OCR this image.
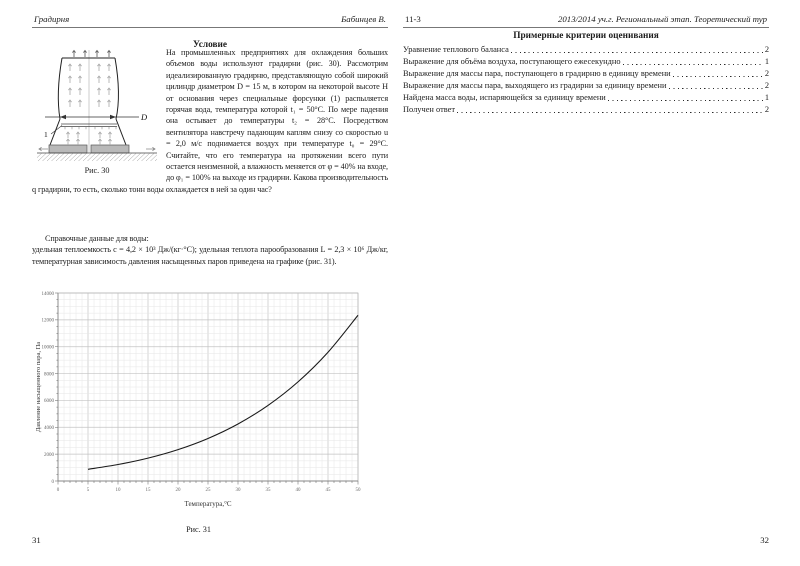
Градирня	Бабинцев В.
Условие
D
1
Рис. 30
На промышленных предприятиях для охлаждения больших объемов воды используют градирни (рис. 30). Рассмотрим идеализированную градирню, представляющую собой широкий цилиндр диаметром D = 15 м, в котором на некоторой высоте H от основания через специальные форсунки (1) распыляется горячая вода, температура которой t₁ = 50°C. По мере падения она остывает до температуры t₂ = 28°C. Посредством вентилятора навстречу падающим каплям снизу со скоростью u = 2,0 м/с поднимается воздух при температуре t₀ = 29°C. Считайте, что его температура на протяжении всего пути остается неизменной, а влажность меняется от φ = 40% на входе, до φ₁ = 100% на выходе из градирни. Какова производительность q градирни, то есть, сколько тонн воды охлаждается в ней за один час?
Справочные данные для воды:
удельная теплоемкость c = 4,2 × 10³ Дж/(кг·°C); удельная теплота парообразования L = 2,3 × 10⁶ Дж/кг, температурная зависимость давления насыщенных паров приведена на графике (рис. 31).
0	5	10	15	20	25	30	35	40	45	50
0
2000
4000
6000
8000
10000
12000
14000
Температура,°C
Давление насыщенного пара, Па
Рис. 31
31
11-3	2013/2014 уч.г. Региональный этап. Теоретический тур
Примерные критерии оценивания
Уравнение теплового баланса	2
Выражение для объёма воздуха, поступающего ежесекундно	1
Выражение для массы пара, поступающего в градирню в единицу времени	2
Выражение для массы пара, выходящего из градирни за единицу времени	2
Найдена масса воды, испаряющейся за единицу времени	1
Получен ответ	2
32
